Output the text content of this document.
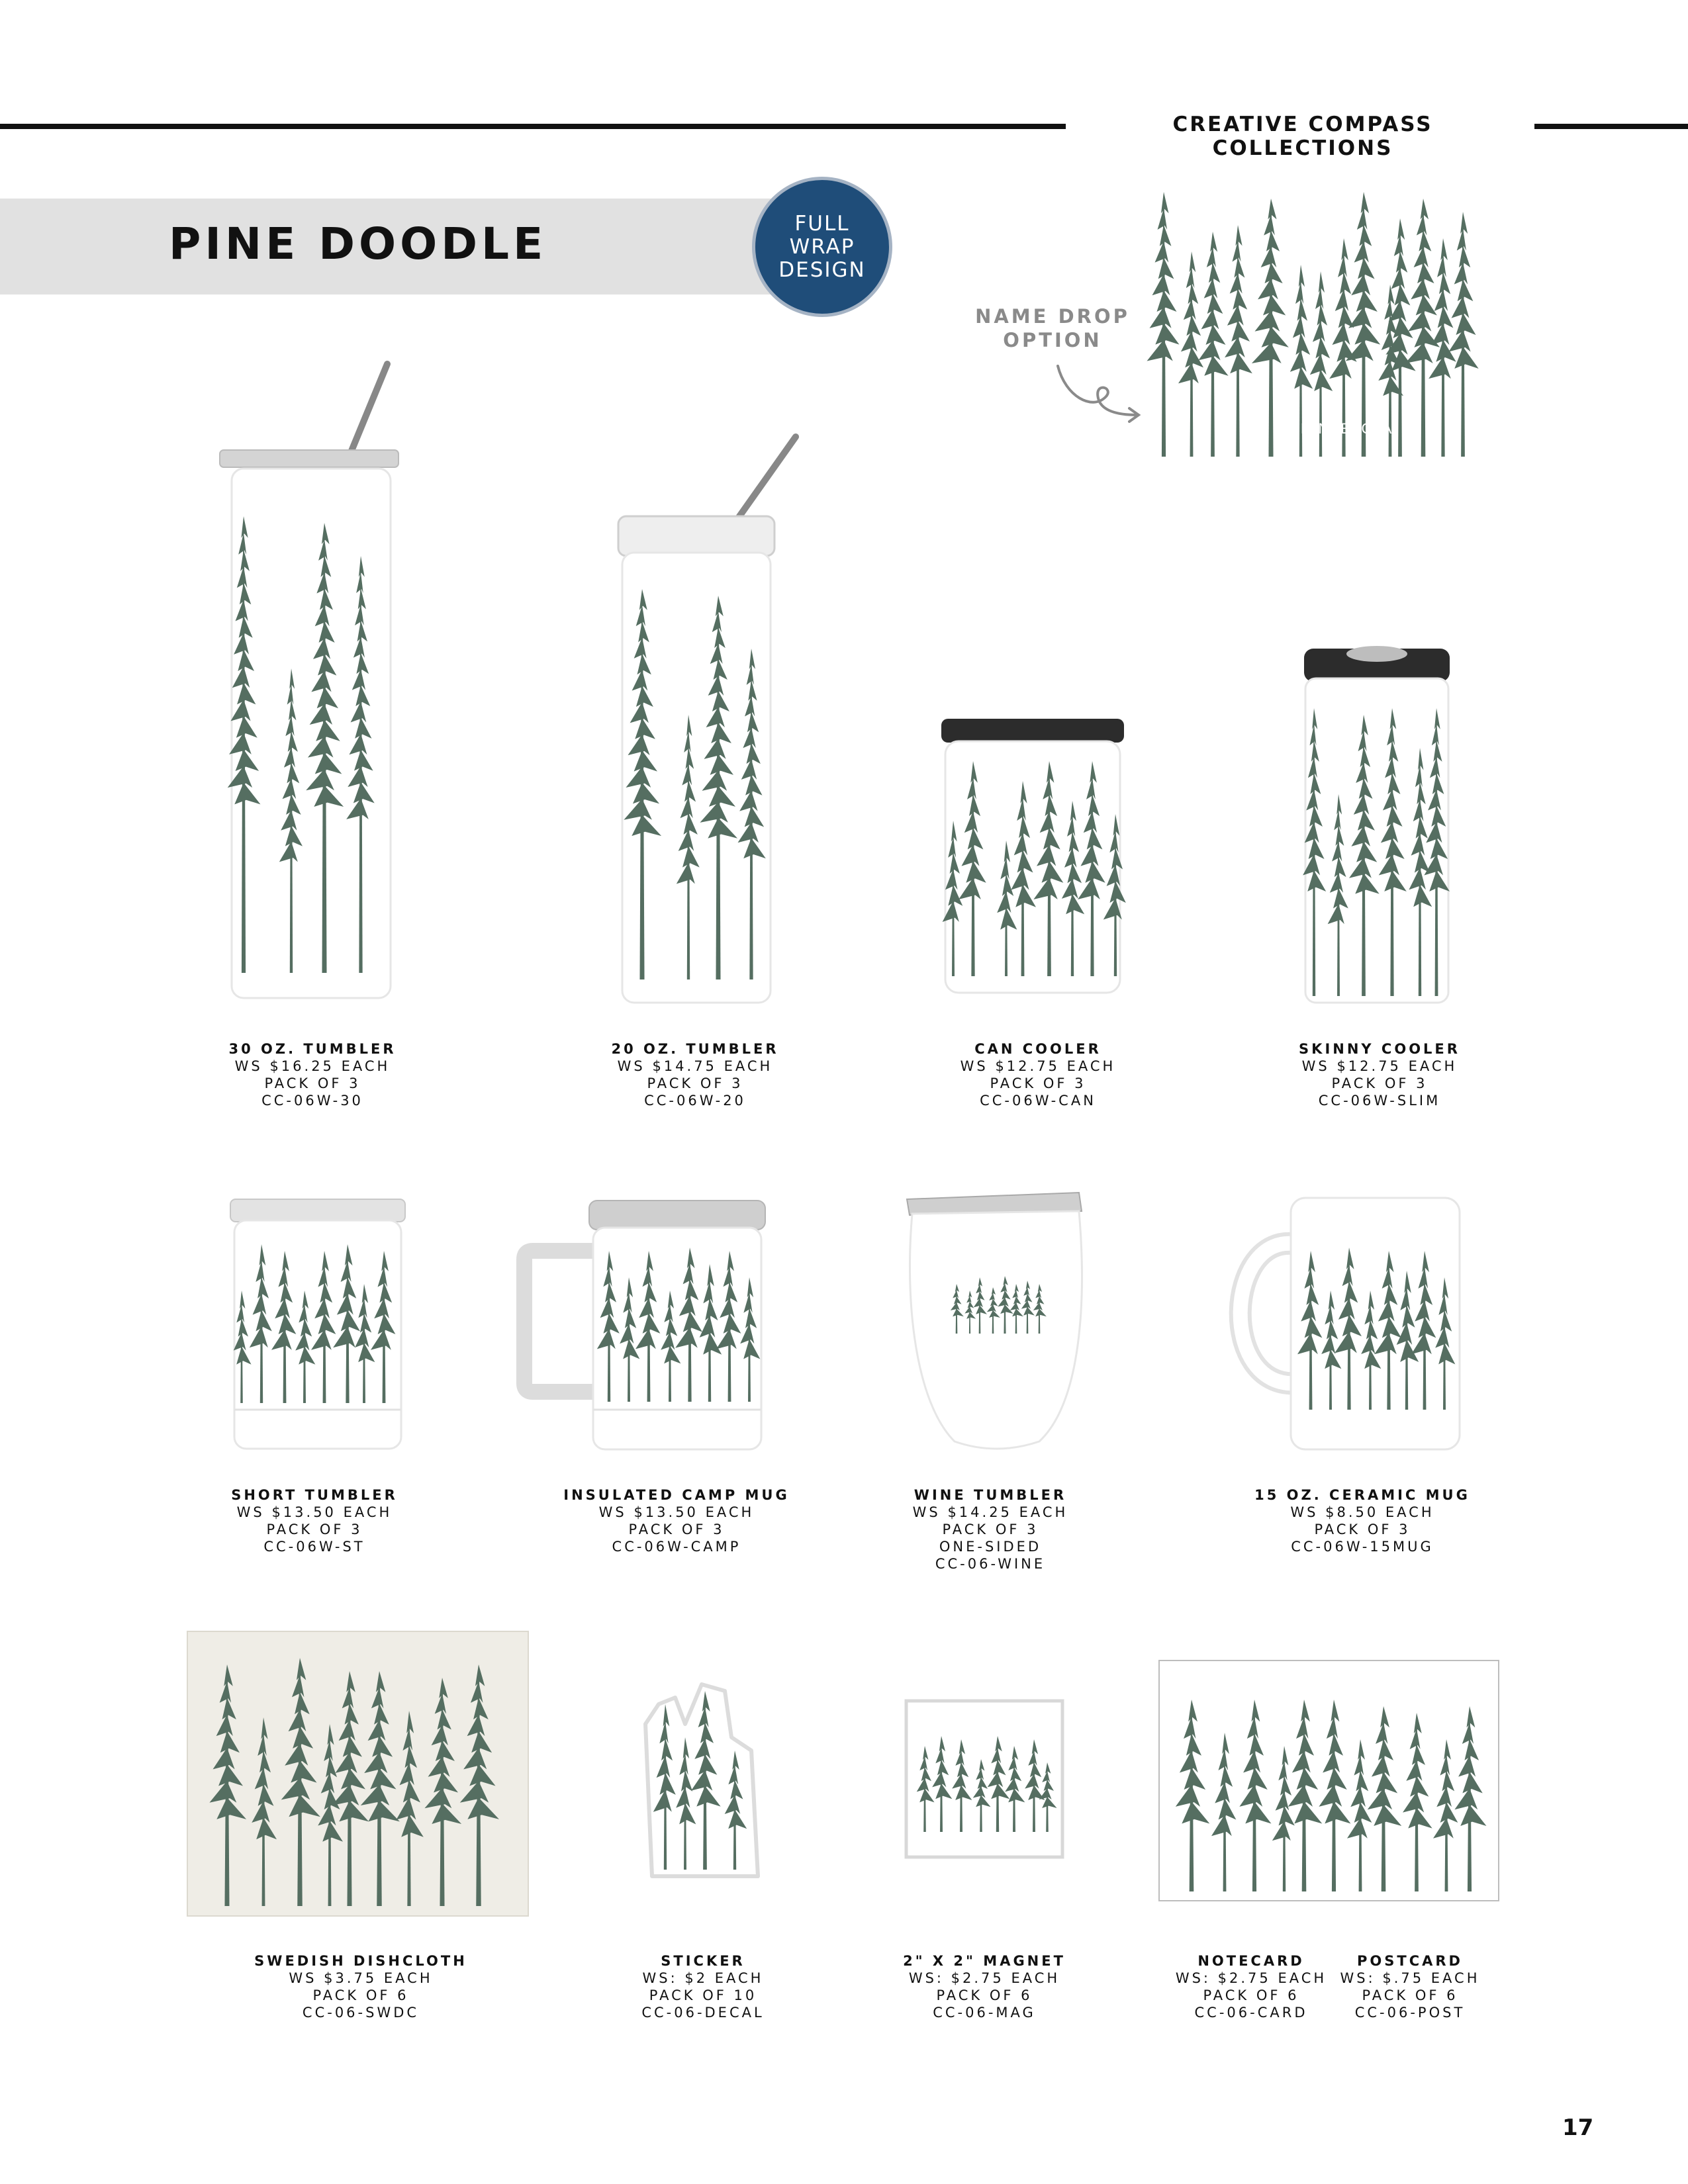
CREATIVE COMPASS COLLECTIONS
PINE DOODLE	FULL
WRAP
DESIGN
NAME DROP
OPTION
MINNESOTA
30 OZ. TUMBLER
WS $16.25 EACH
PACK OF 3
CC-06W-30
20 OZ. TUMBLER
WS $14.75 EACH
PACK OF 3
CC-06W-20
CAN COOLER
WS $12.75 EACH
PACK OF 3
CC-06W-CAN
SKINNY COOLER
WS $12.75 EACH
PACK OF 3
CC-06W-SLIM
SHORT TUMBLER
WS $13.50 EACH
PACK OF 3
CC-06W-ST
INSULATED CAMP MUG
WS $13.50 EACH
PACK OF 3
CC-06W-CAMP
WINE TUMBLER
WS $14.25 EACH
PACK OF 3
ONE-SIDED
CC-06-WINE
15 OZ. CERAMIC MUG
WS $8.50 EACH
PACK OF 3
CC-06W-15MUG
SWEDISH DISHCLOTH
WS $3.75 EACH
PACK OF 6
CC-06-SWDC
STICKER
WS: $2 EACH
PACK OF 10
CC-06-DECAL
2" X 2" MAGNET
WS: $2.75 EACH
PACK OF 6
CC-06-MAG
NOTECARD
WS: $2.75 EACH
PACK OF 6
CC-06-CARD
POSTCARD
WS: $.75 EACH
PACK OF 6
CC-06-POST
17
